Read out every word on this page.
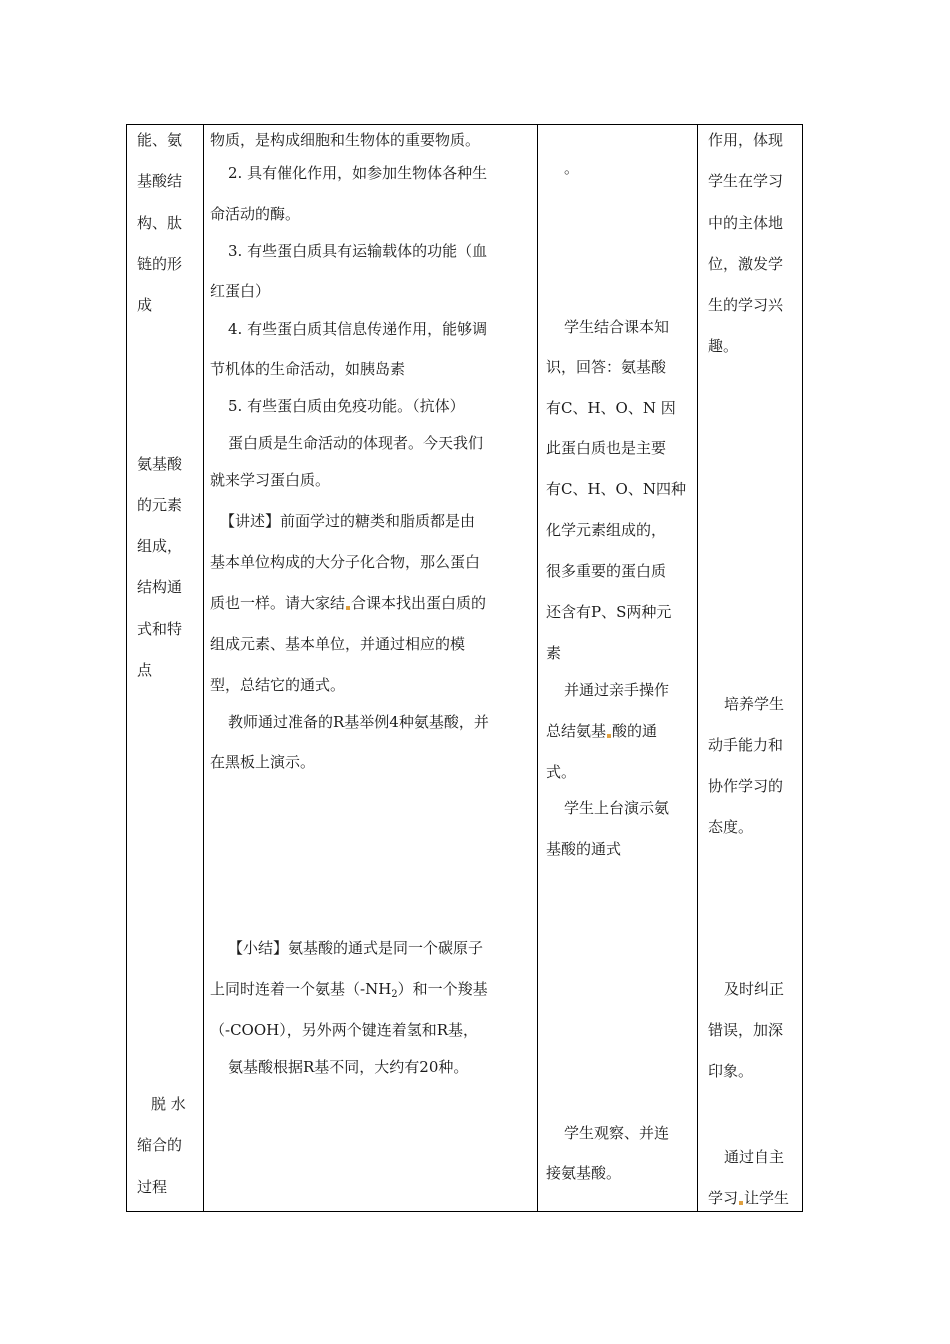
能、氨
基酸结
构、肽
链的形
成
氨基酸
的元素
组成，
结构通
式和特
点
脱 水
缩合的
过程
物质，是构成细胞和生物体的重要物质。
2. 具有催化作用，如参加生物体各种生
命活动的酶。
3. 有些蛋白质具有运输载体的功能（血
红蛋白）
4. 有些蛋白质其信息传递作用，能够调
节机体的生命活动，如胰岛素
5. 有些蛋白质由免疫功能。（抗体）
蛋白质是生命活动的体现者。今天我们
就来学习蛋白质。
【讲述】前面学过的糖类和脂质都是由
基本单位构成的大分子化合物，那么蛋白
质也一样。请大家结 合课本找出蛋白质的
组成元素、基本单位，并通过相应的模
型，总结它的通式。
教师通过准备的R基举例4种氨基酸，并
在黑板上演示。
【小结】氨基酸的通式是同一个碳原子
上同时连着一个氨基$(-NH_2)$和一个羧基
（-COOH），另外两个键连着氢和R基，
氨基酸根据R基不同，大约有20种。
。
学生结合课本知
识，回答：氨基酸
有C、H、O、N 因
此蛋白质也是主要
有C、H、O、N四种
化学元素组成的，
很多重要的蛋白质
还含有P、S两种元
素
并通过亲手操作
总结氨基 酸的通
式。
学生上台演示氨
基酸的通式
学生观察、并连
接氨基酸。
作用，体现
学生在学习
中的主体地
位，激发学
生的学习兴
趣。
培养学生
动手能力和
协作学习的
态度。
及时纠正
错误，加深
印象。
通过自主
学习 让学生
